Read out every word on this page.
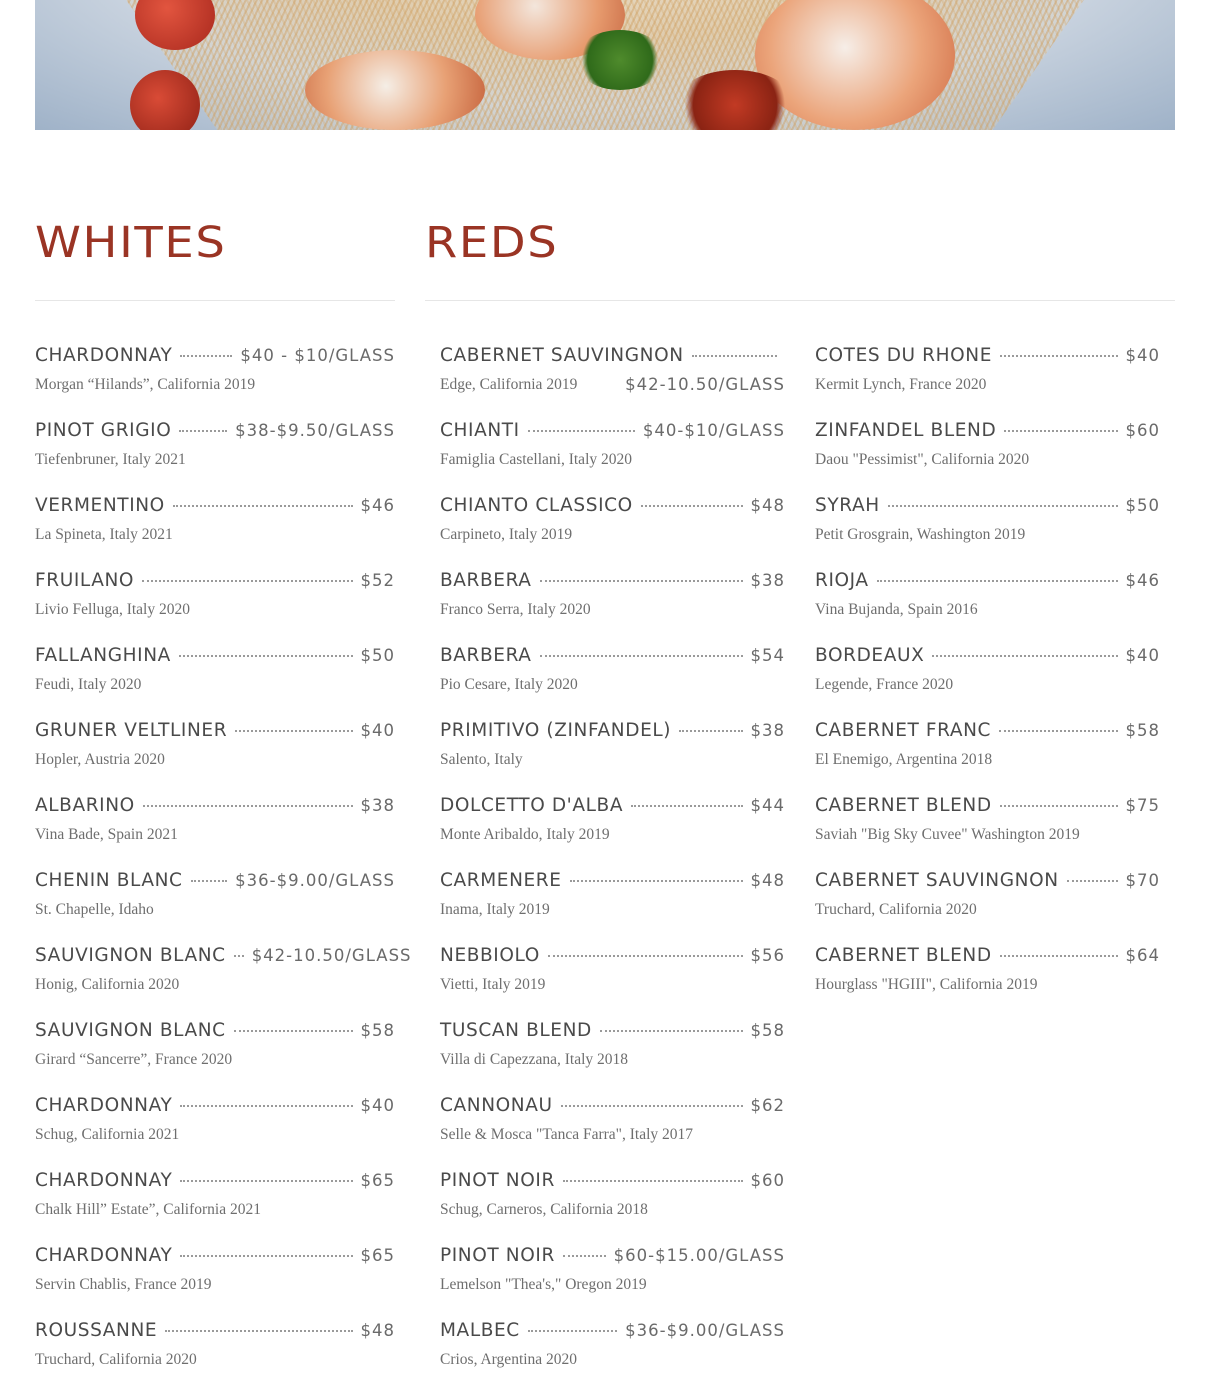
WHITES	REDS
CHARDONNAY	$40 - $10/GLASS
Morgan “Hilands”, California 2019
PINOT GRIGIO	$38-$9.50/GLASS
Tiefenbruner, Italy 2021
VERMENTINO	$46
La Spineta, Italy 2021
FRUILANO	$52
Livio Felluga, Italy 2020
FALLANGHINA	$50
Feudi, Italy 2020
GRUNER VELTLINER	$40
Hopler, Austria 2020
ALBARINO	$38
Vina Bade, Spain 2021
CHENIN BLANC	$36-$9.00/GLASS
St. Chapelle, Idaho
SAUVIGNON BLANC $42-10.50/GLASS
Honig, California 2020
SAUVIGNON BLANC	$58
Girard “Sancerre”, France 2020
CHARDONNAY	$40
Schug, California 2021
CHARDONNAY	$65
Chalk Hill” Estate”, California 2021
CHARDONNAY	$65
Servin Chablis, France 2019
ROUSSANNE	$48
Truchard, California 2020
CABERNET SAUVINGNON
Edge, California 2019	$42-10.50/GLASS
CHIANTI	$40-$10/GLASS
Famiglia Castellani, Italy 2020
CHIANTO CLASSICO	$48
Carpineto, Italy 2019
BARBERA	$38
Franco Serra, Italy 2020
BARBERA	$54
Pio Cesare, Italy 2020
PRIMITIVO (ZINFANDEL)	$38
Salento, Italy
DOLCETTO D'ALBA	$44
Monte Aribaldo, Italy 2019
CARMENERE	$48
Inama, Italy 2019
NEBBIOLO	$56
Vietti, Italy 2019
TUSCAN BLEND	$58
Villa di Capezzana, Italy 2018
CANNONAU	$62
Selle & Mosca "Tanca Farra", Italy 2017
PINOT NOIR	$60
Schug, Carneros, California 2018
PINOT NOIR	$60-$15.00/GLASS
Lemelson "Thea's," Oregon 2019
MALBEC	$36-$9.00/GLASS
Crios, Argentina 2020
COTES DU RHONE	$40
Kermit Lynch, France 2020
ZINFANDEL BLEND	$60
Daou "Pessimist", California 2020
SYRAH	$50
Petit Grosgrain, Washington 2019
RIOJA	$46
Vina Bujanda, Spain 2016
BORDEAUX	$40
Legende, France 2020
CABERNET FRANC	$58
El Enemigo, Argentina 2018
CABERNET BLEND	$75
Saviah "Big Sky Cuvee" Washington 2019
CABERNET SAUVINGNON	$70
Truchard, California 2020
CABERNET BLEND	$64
Hourglass "HGIII", California 2019
